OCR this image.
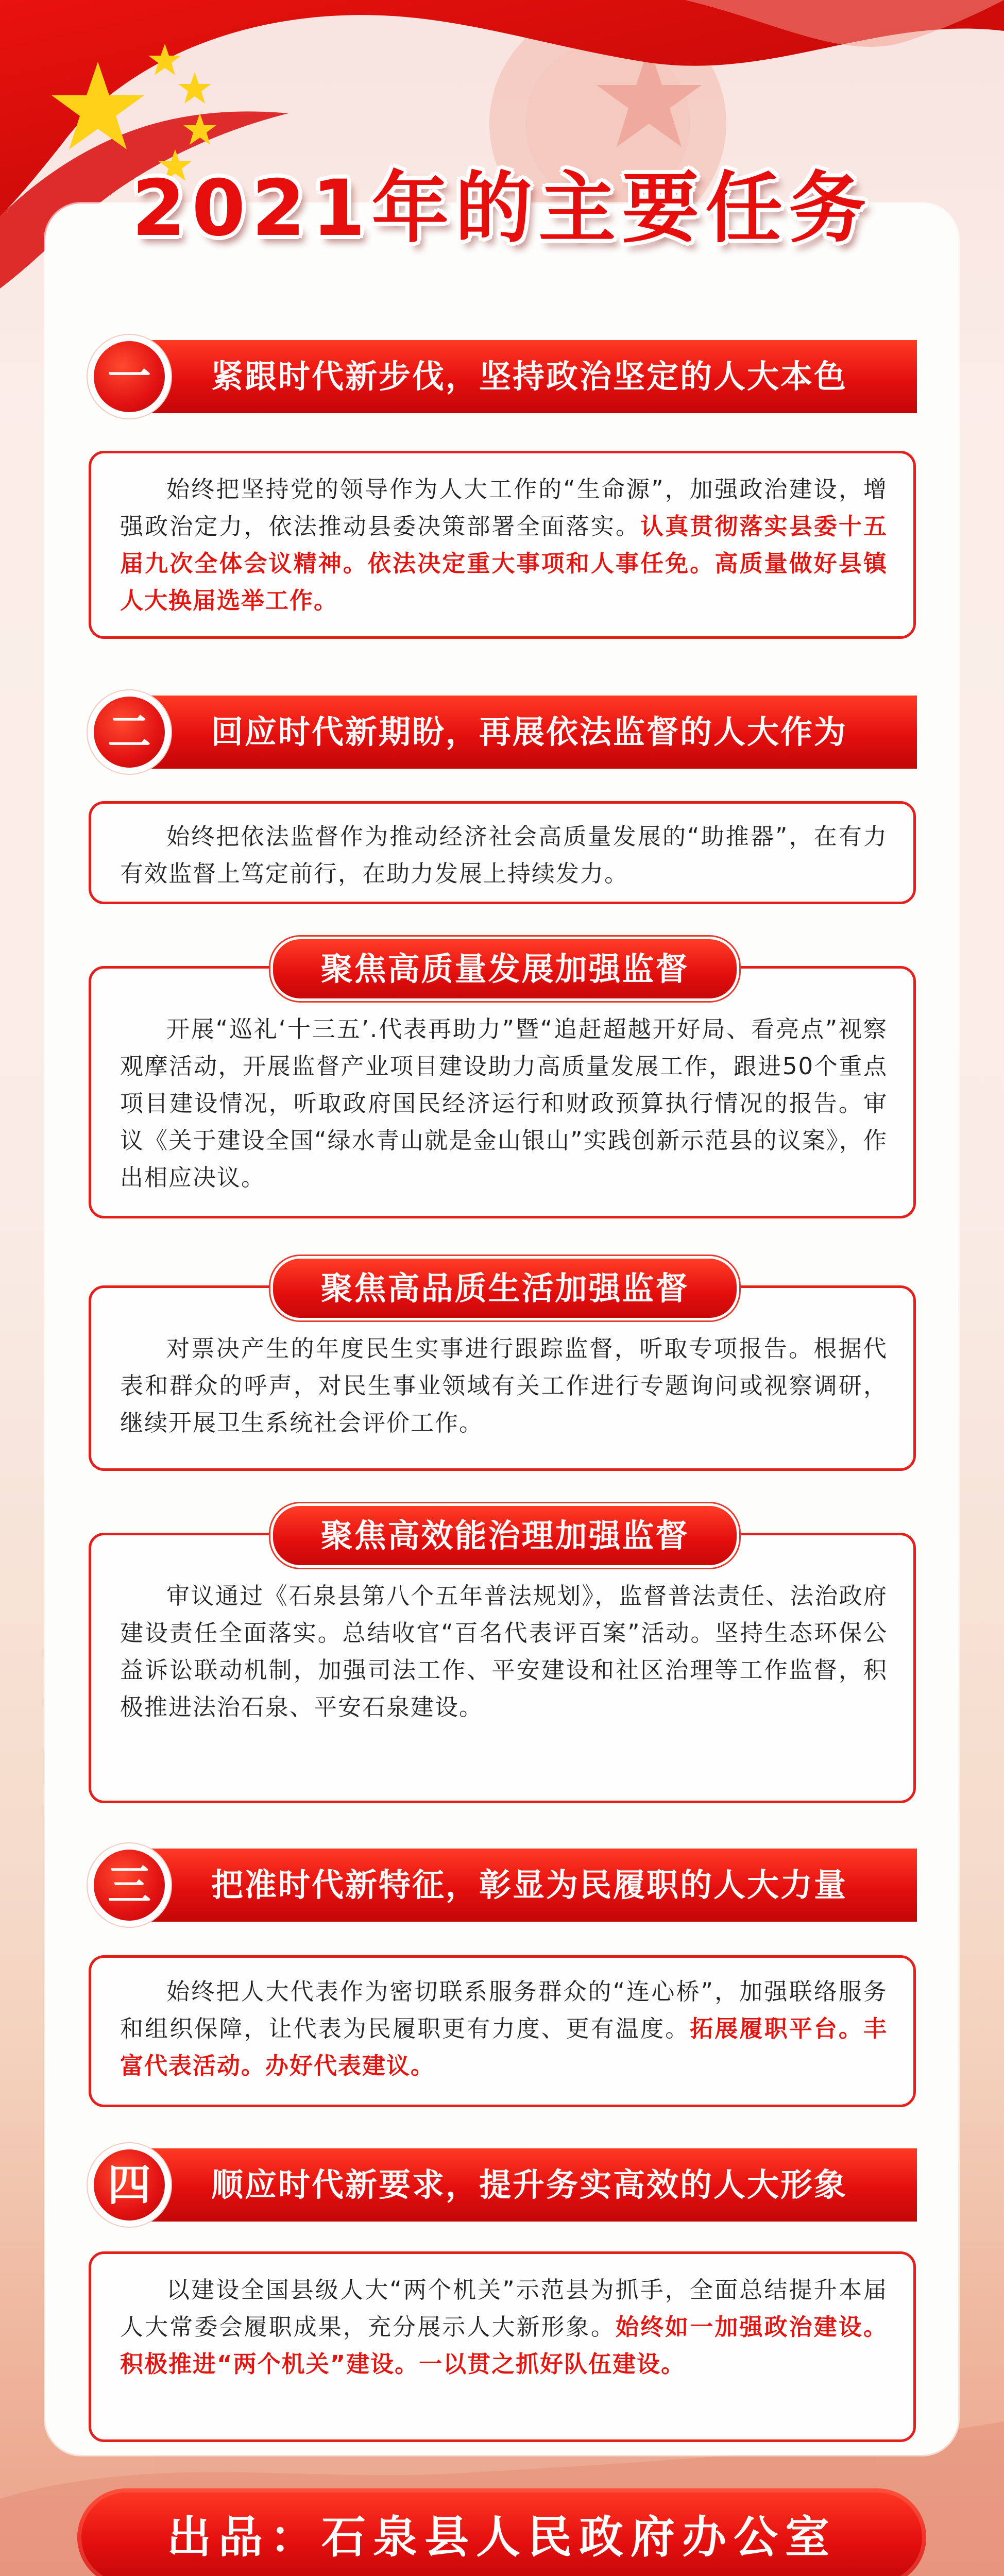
2021年的主要任务
一	紧跟时代新步伐，坚持政治坚定的人大本色

始终把坚持党的领导作为人大工作的“生命源”，加强政治建设，增强政治定力，依法推动县委决策部署全面落实。认真贯彻落实县委十五届九次全体会议精神。依法决定重大事项和人事任免。高质量做好县镇人大换届选举工作。

二	回应时代新期盼，再展依法监督的人大作为

始终把依法监督作为推动经济社会高质量发展的“助推器”，在有力有效监督上笃定前行，在助力发展上持续发力。

开展“巡礼‘十三五’.代表再助力”暨“追赶超越开好局、看亮点”视察观摩活动，开展监督产业项目建设助力高质量发展工作，跟进50个重点项目建设情况，听取政府国民经济运行和财政预算执行情况的报告。审议《关于建设全国“绿水青山就是金山银山”实践创新示范县的议案》，作出相应决议。

聚焦高质量发展加强监督

对票决产生的年度民生实事进行跟踪监督，听取专项报告。根据代表和群众的呼声，对民生事业领域有关工作进行专题询问或视察调研，继续开展卫生系统社会评价工作。

聚焦高品质生活加强监督

审议通过《石泉县第八个五年普法规划》，监督普法责任、法治政府建设责任全面落实。总结收官“百名代表评百案”活动。坚持生态环保公益诉讼联动机制，加强司法工作、平安建设和社区治理等工作监督，积极推进法治石泉、平安石泉建设。

聚焦高效能治理加强监督
三	把准时代新特征，彰显为民履职的人大力量

始终把人大代表作为密切联系服务群众的“连心桥”，加强联络服务和组织保障，让代表为民履职更有力度、更有温度。拓展履职平台。丰富代表活动。办好代表建议。

四	顺应时代新要求，提升务实高效的人大形象

以建设全国县级人大“两个机关”示范县为抓手，全面总结提升本届人大常委会履职成果，充分展示人大新形象。始终如一加强政治建设。积极推进“两个机关”建设。一以贯之抓好队伍建设。

出品：石泉县人民政府办公室
